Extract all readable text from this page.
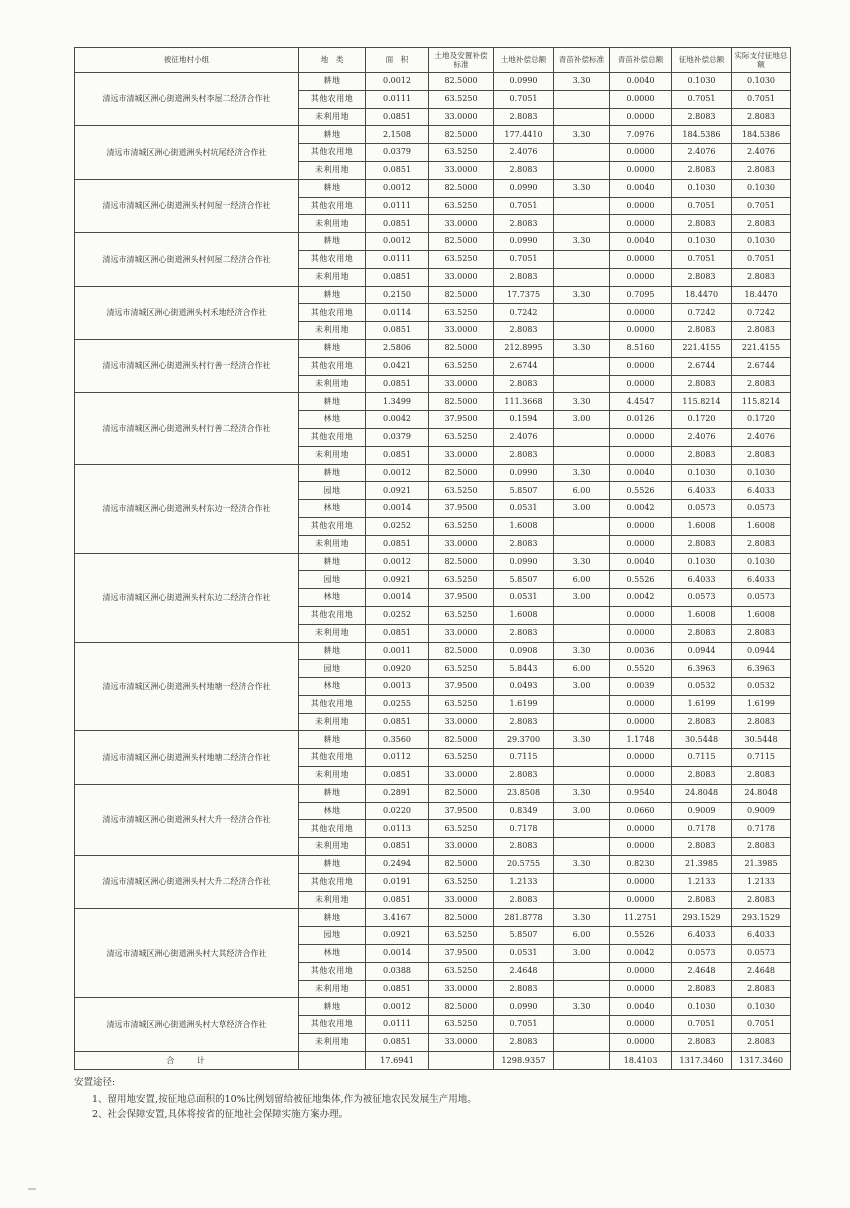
被征地村小组	地　类	面　积	土地及安置补偿标准	土地补偿总额	青苗补偿标准	青苗补偿总额	征地补偿总额	实际支付征地总额
清远市清城区洲心街道洲头村李屋二经济合作社	耕地	0.0012	82.5000	0.0990	3.30	0.0040	0.1030	0.1030
	其他农用地	0.0111	63.5250	0.7051		0.0000	0.7051	0.7051
	未利用地	0.0851	33.0000	2.8083		0.0000	2.8083	2.8083
清远市清城区洲心街道洲头村坑尾经济合作社	耕地	2.1508	82.5000	177.4410	3.30	7.0976	184.5386	184.5386
	其他农用地	0.0379	63.5250	2.4076		0.0000	2.4076	2.4076
	未利用地	0.0851	33.0000	2.8083		0.0000	2.8083	2.8083
清远市清城区洲心街道洲头村何屋一经济合作社	耕地	0.0012	82.5000	0.0990	3.30	0.0040	0.1030	0.1030
	其他农用地	0.0111	63.5250	0.7051		0.0000	0.7051	0.7051
	未利用地	0.0851	33.0000	2.8083		0.0000	2.8083	2.8083
清远市清城区洲心街道洲头村何屋二经济合作社	耕地	0.0012	82.5000	0.0990	3.30	0.0040	0.1030	0.1030
	其他农用地	0.0111	63.5250	0.7051		0.0000	0.7051	0.7051
	未利用地	0.0851	33.0000	2.8083		0.0000	2.8083	2.8083
清远市清城区洲心街道洲头村禾地经济合作社	耕地	0.2150	82.5000	17.7375	3.30	0.7095	18.4470	18.4470
	其他农用地	0.0114	63.5250	0.7242		0.0000	0.7242	0.7242
	未利用地	0.0851	33.0000	2.8083		0.0000	2.8083	2.8083
清远市清城区洲心街道洲头村行善一经济合作社	耕地	2.5806	82.5000	212.8995	3.30	8.5160	221.4155	221.4155
	其他农用地	0.0421	63.5250	2.6744		0.0000	2.6744	2.6744
	未利用地	0.0851	33.0000	2.8083		0.0000	2.8083	2.8083
清远市清城区洲心街道洲头村行善二经济合作社	耕地	1.3499	82.5000	111.3668	3.30	4.4547	115.8214	115.8214
	林地	0.0042	37.9500	0.1594	3.00	0.0126	0.1720	0.1720
	其他农用地	0.0379	63.5250	2.4076		0.0000	2.4076	2.4076
	未利用地	0.0851	33.0000	2.8083		0.0000	2.8083	2.8083
清远市清城区洲心街道洲头村东边一经济合作社	耕地	0.0012	82.5000	0.0990	3.30	0.0040	0.1030	0.1030
	园地	0.0921	63.5250	5.8507	6.00	0.5526	6.4033	6.4033
	林地	0.0014	37.9500	0.0531	3.00	0.0042	0.0573	0.0573
	其他农用地	0.0252	63.5250	1.6008		0.0000	1.6008	1.6008
	未利用地	0.0851	33.0000	2.8083		0.0000	2.8083	2.8083
清远市清城区洲心街道洲头村东边二经济合作社	耕地	0.0012	82.5000	0.0990	3.30	0.0040	0.1030	0.1030
	园地	0.0921	63.5250	5.8507	6.00	0.5526	6.4033	6.4033
	林地	0.0014	37.9500	0.0531	3.00	0.0042	0.0573	0.0573
	其他农用地	0.0252	63.5250	1.6008		0.0000	1.6008	1.6008
	未利用地	0.0851	33.0000	2.8083		0.0000	2.8083	2.8083
清远市清城区洲心街道洲头村地塘一经济合作社	耕地	0.0011	82.5000	0.0908	3.30	0.0036	0.0944	0.0944
	园地	0.0920	63.5250	5.8443	6.00	0.5520	6.3963	6.3963
	林地	0.0013	37.9500	0.0493	3.00	0.0039	0.0532	0.0532
	其他农用地	0.0255	63.5250	1.6199		0.0000	1.6199	1.6199
	未利用地	0.0851	33.0000	2.8083		0.0000	2.8083	2.8083
清远市清城区洲心街道洲头村地塘二经济合作社	耕地	0.3560	82.5000	29.3700	3.30	1.1748	30.5448	30.5448
	其他农用地	0.0112	63.5250	0.7115		0.0000	0.7115	0.7115
	未利用地	0.0851	33.0000	2.8083		0.0000	2.8083	2.8083
清远市清城区洲心街道洲头村大升一经济合作社	耕地	0.2891	82.5000	23.8508	3.30	0.9540	24.8048	24.8048
	林地	0.0220	37.9500	0.8349	3.00	0.0660	0.9009	0.9009
	其他农用地	0.0113	63.5250	0.7178		0.0000	0.7178	0.7178
	未利用地	0.0851	33.0000	2.8083		0.0000	2.8083	2.8083
清远市清城区洲心街道洲头村大升二经济合作社	耕地	0.2494	82.5000	20.5755	3.30	0.8230	21.3985	21.3985
	其他农用地	0.0191	63.5250	1.2133		0.0000	1.2133	1.2133
	未利用地	0.0851	33.0000	2.8083		0.0000	2.8083	2.8083
清远市清城区洲心街道洲头村大其经济合作社	耕地	3.4167	82.5000	281.8778	3.30	11.2751	293.1529	293.1529
	园地	0.0921	63.5250	5.8507	6.00	0.5526	6.4033	6.4033
	林地	0.0014	37.9500	0.0531	3.00	0.0042	0.0573	0.0573
	其他农用地	0.0388	63.5250	2.4648		0.0000	2.4648	2.4648
	未利用地	0.0851	33.0000	2.8083		0.0000	2.8083	2.8083
清远市清城区洲心街道洲头村大草经济合作社	耕地	0.0012	82.5000	0.0990	3.30	0.0040	0.1030	0.1030
	其他农用地	0.0111	63.5250	0.7051		0.0000	0.7051	0.7051
	未利用地	0.0851	33.0000	2.8083		0.0000	2.8083	2.8083
合　　计		17.6941		1298.9357		18.4103	1317.3460	1317.3460
安置途径:
1、留用地安置,按征地总面积的10%比例划留给被征地集体,作为被征地农民发展生产用地。
2、社会保障安置,具体将按省的征地社会保障实施方案办理。
